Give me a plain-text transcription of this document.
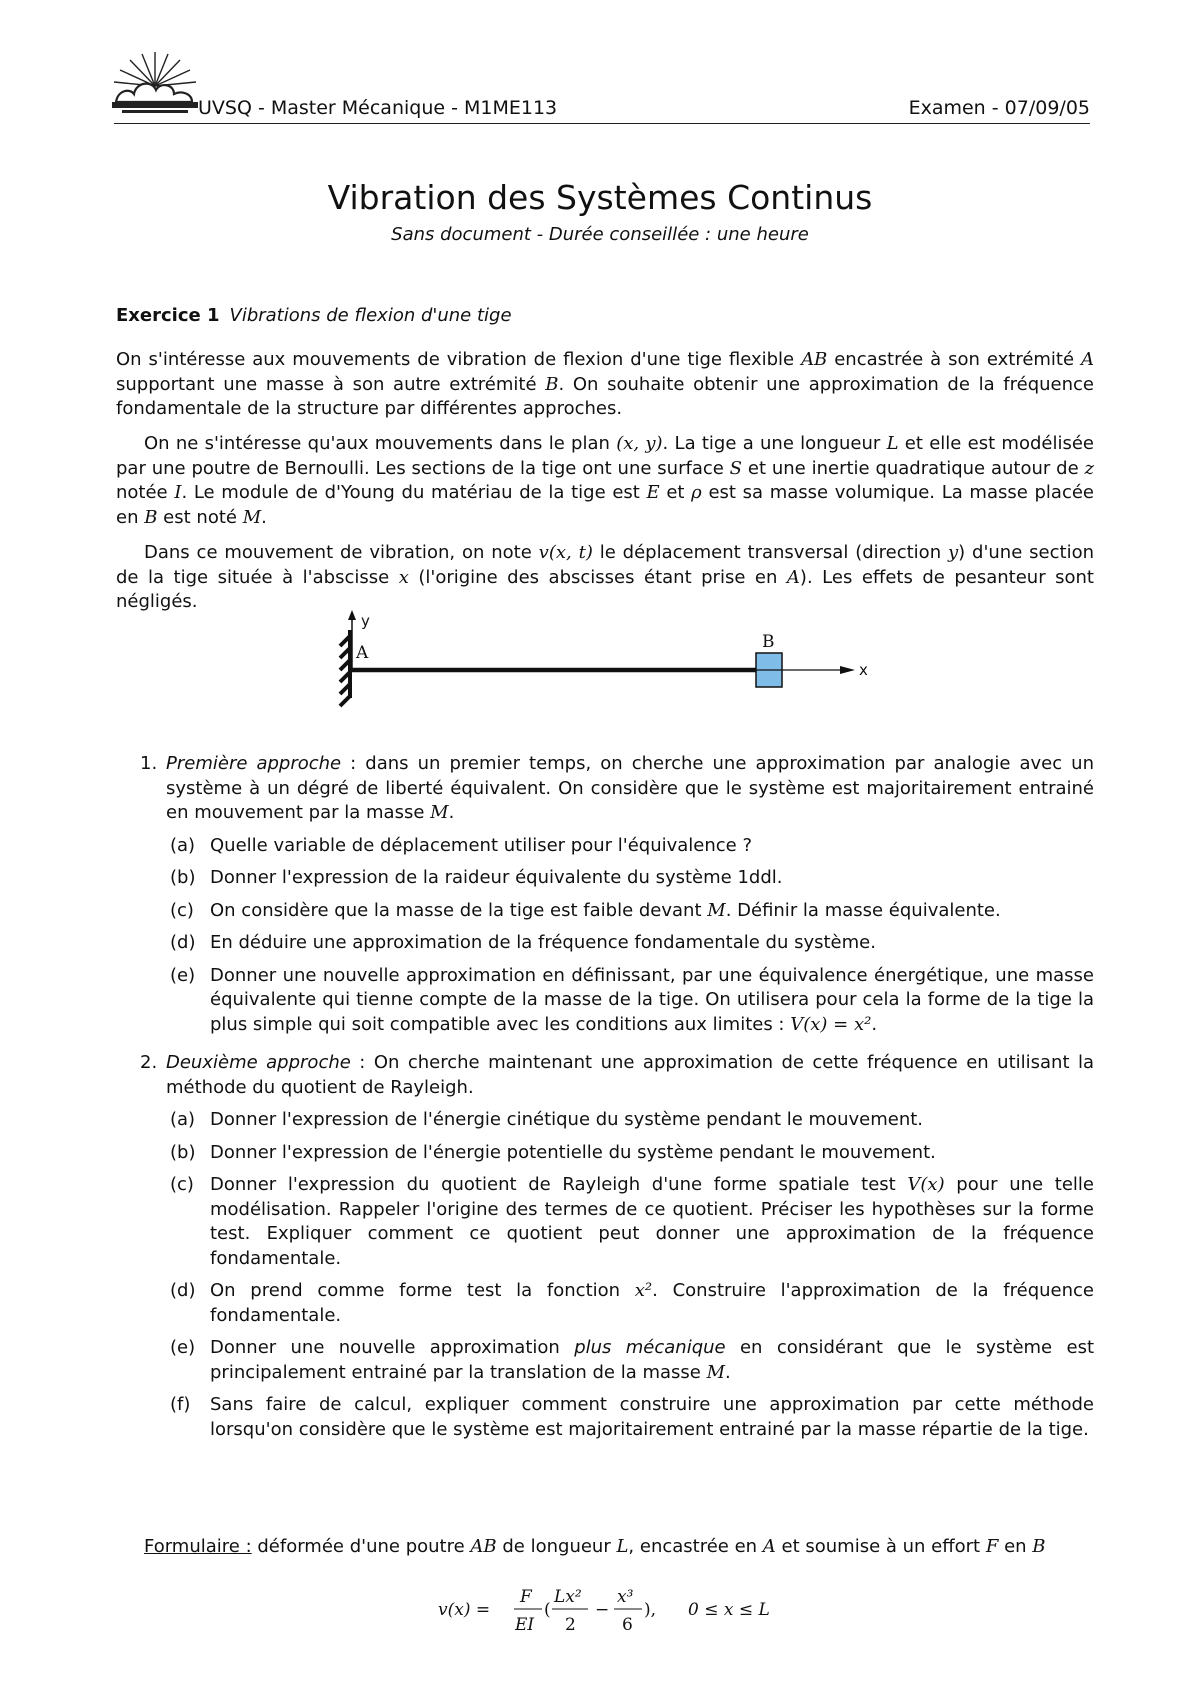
UVSQ - Master Mécanique - M1ME113	Examen - 07/09/05
Vibration des Systèmes Continus
Sans document - Durée conseillée : une heure
Exercice 1 Vibrations de flexion d'une tige
On s'intéresse aux mouvements de vibration de flexion d'une tige flexible AB encastrée à son extrémité A supportant une masse à son autre extrémité B. On souhaite obtenir une approximation de la fréquence fondamentale de la structure par différentes approches.
On ne s'intéresse qu'aux mouvements dans le plan (x, y). La tige a une longueur L et elle est modélisée par une poutre de Bernoulli. Les sections de la tige ont une surface S et une inertie quadratique autour de z notée I. Le module de d'Young du matériau de la tige est E et ρ est sa masse volumique. La masse placée en B est noté M.
Dans ce mouvement de vibration, on note v(x, t) le déplacement transversal (direction y) d'une section de la tige située à l'abscisse x (l'origine des abscisses étant prise en A). Les effets de pesanteur sont négligés.
y
A
x
B
1. Première approche : dans un premier temps, on cherche une approximation par analogie avec un système à un dégré de liberté équivalent. On considère que le système est majoritairement entrainé en mouvement par la masse M.
(a) Quelle variable de déplacement utiliser pour l'équivalence ?
(b) Donner l'expression de la raideur équivalente du système 1ddl.
(c) On considère que la masse de la tige est faible devant M. Définir la masse équivalente.
(d) En déduire une approximation de la fréquence fondamentale du système.
(e) Donner une nouvelle approximation en définissant, par une équivalence énergétique, une masse équivalente qui tienne compte de la masse de la tige. On utilisera pour cela la forme de la tige la plus simple qui soit compatible avec les conditions aux limites : V(x) = x².
2. Deuxième approche : On cherche maintenant une approximation de cette fréquence en utilisant la méthode du quotient de Rayleigh.
(a) Donner l'expression de l'énergie cinétique du système pendant le mouvement.
(b) Donner l'expression de l'énergie potentielle du système pendant le mouvement.
(c) Donner l'expression du quotient de Rayleigh d'une forme spatiale test V(x) pour une telle modélisation. Rappeler l'origine des termes de ce quotient. Préciser les hypothèses sur la forme test. Expliquer comment ce quotient peut donner une approximation de la fréquence fondamentale.
(d) On prend comme forme test la fonction x². Construire l'approximation de la fréquence fondamentale.
(e) Donner une nouvelle approximation plus mécanique en considérant que le système est principalement entrainé par la translation de la masse M.
(f) Sans faire de calcul, expliquer comment construire une approximation par cette méthode lorsqu'on considère que le système est majoritairement entrainé par la masse répartie de la tige.
Formulaire : déformée d'une poutre AB de longueur L, encastrée en A et soumise à un effort F en B
v(x) =
F
EI
(
Lx²
2
−
x³
6
), 0 ≤ x ≤ L
